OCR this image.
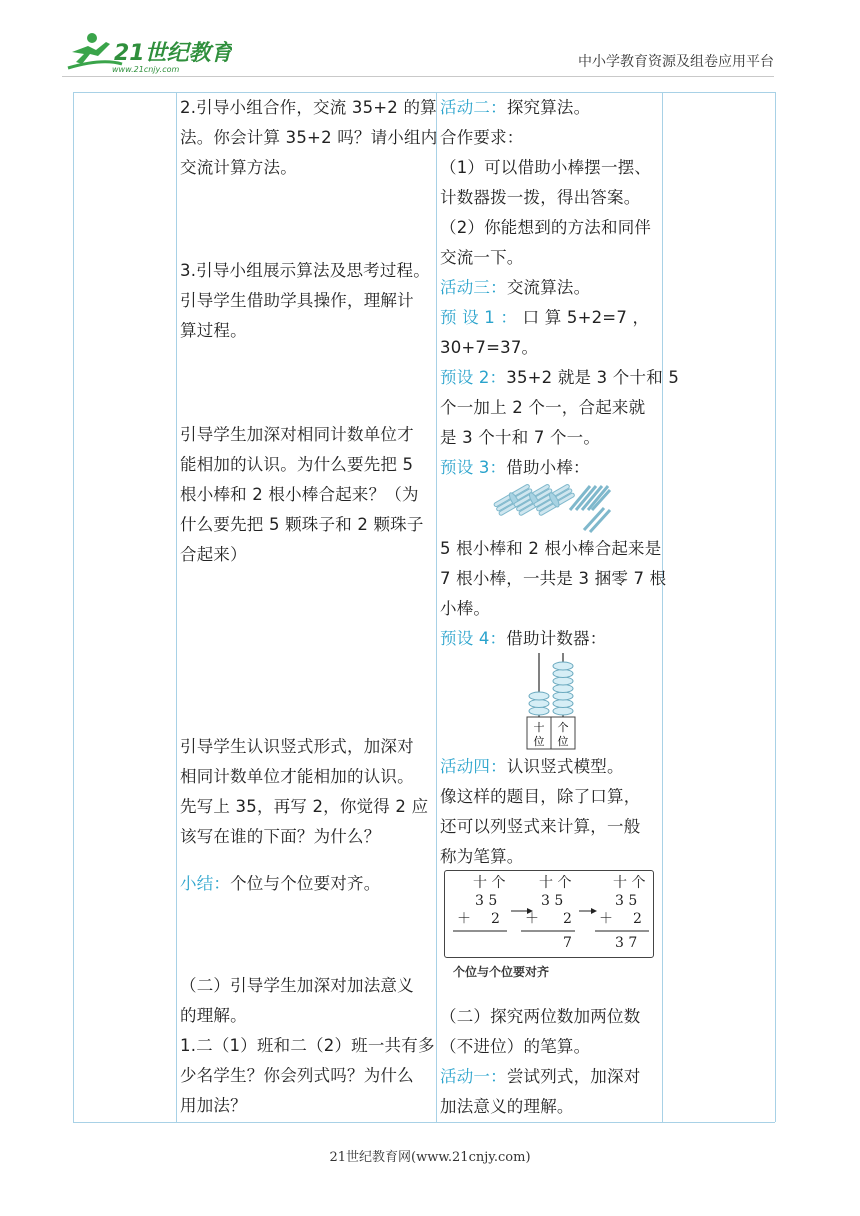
21世纪教育
www.21cnjy.com	中小学教育资源及组卷应用平台
2.引导小组合作，交流 35+2 的算
法。你会计算 35+2 吗？请小组内
交流计算方法。
3.引导小组展示算法及思考过程。
引导学生借助学具操作，理解计
算过程。
引导学生加深对相同计数单位才
能相加的认识。为什么要先把 5
根小棒和 2 根小棒合起来？（为
什么要先把 5 颗珠子和 2 颗珠子
合起来）
引导学生认识竖式形式，加深对
相同计数单位才能相加的认识。
先写上 35，再写 2，你觉得 2 应
该写在谁的下面？为什么？
小结：个位与个位要对齐。
（二）引导学生加深对加法意义
的理解。
1.二（1）班和二（2）班一共有多
少名学生？你会列式吗？为什么
用加法？
活动二：探究算法。
合作要求：
（1）可以借助小棒摆一摆、
计数器拨一拨，得出答案。
（2）你能想到的方法和同伴
交流一下。
活动三：交流算法。
预 设 1 ： 口 算 5+2=7 ，
30+7=37。
预设 2：35+2 就是 3 个十和 5
个一加上 2 个一，合起来就
是 3 个十和 7 个一。
预设 3：借助小棒：
5 根小棒和 2 根小棒合起来是
7 根小棒，一共是 3 捆零 7 根
小棒。
预设 4：借助计数器：
十
位
个
位
活动四：认识竖式模型。
像这样的题目，除了口算，
还可以列竖式来计算，一般
称为笔算。
十 个
3 5
＋ 2
十 个
3 5
＋ 2
7
十 个
3 5
＋ 2
3 7
个位与个位要对齐
（二）探究两位数加两位数
（不进位）的笔算。
活动一：尝试列式，加深对
加法意义的理解。
21世纪教育网(www.21cnjy.com)
